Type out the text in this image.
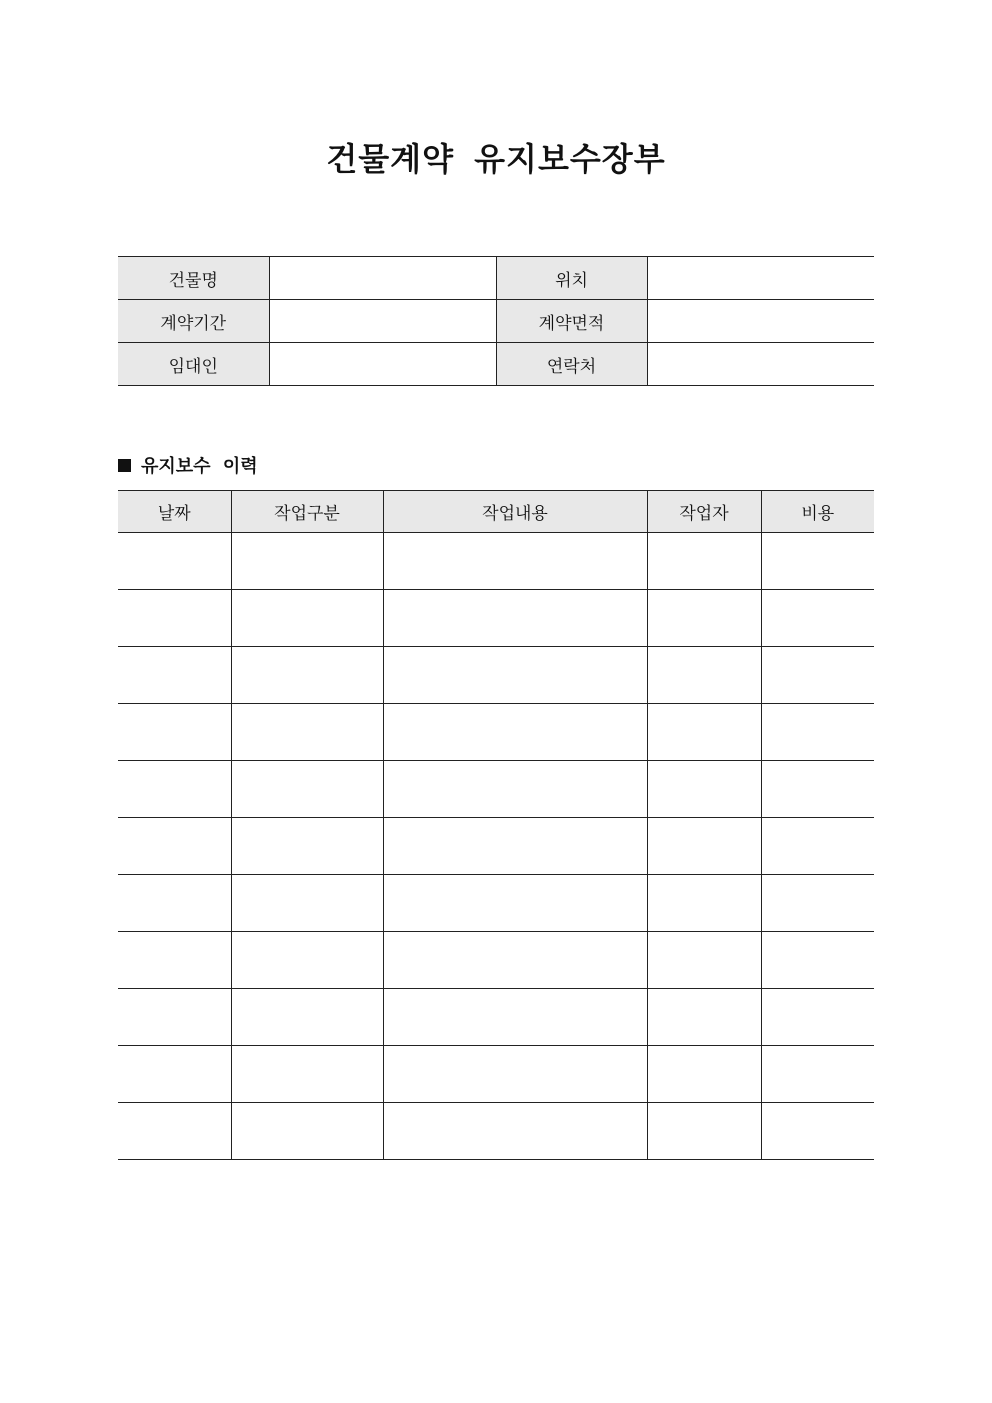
건물계약 유지보수장부
건물명		위치	
계약기간		계약면적	
임대인		연락처	
유지보수 이력
날짜	작업구분	작업내용	작업자	비용
